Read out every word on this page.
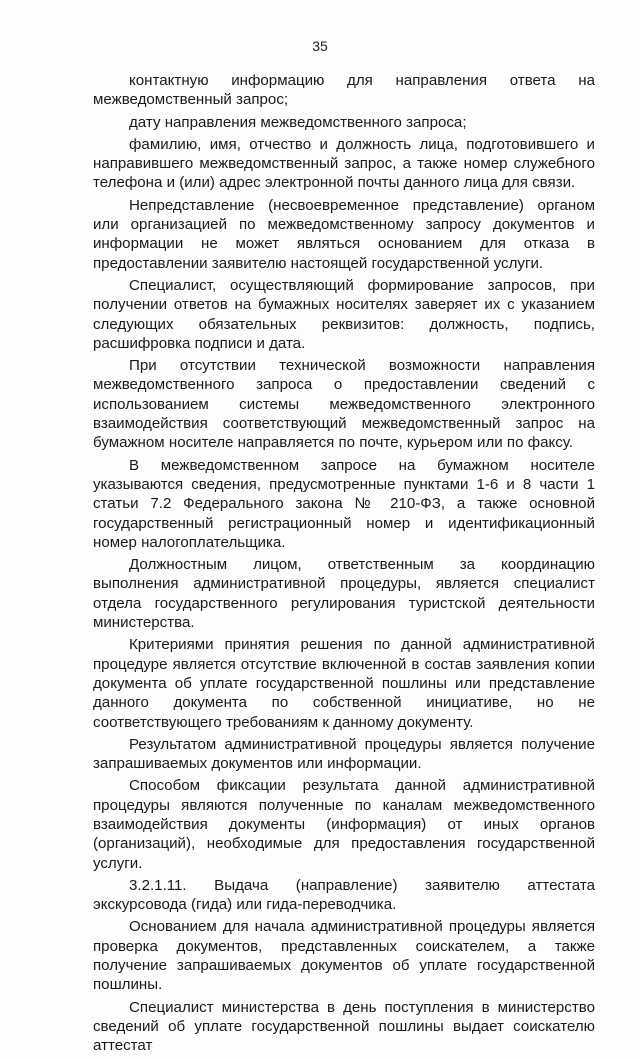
35

контактную информацию для направления ответа на межведомственный запрос;

дату направления межведомственного запроса;

фамилию, имя, отчество и должность лица, подготовившего и направившего межведомственный запрос, а также номер служебного телефона и (или) адрес электронной почты данного лица для связи.

Непредставление (несвоевременное представление) органом или организацией по межведомственному запросу документов и информации не может являться основанием для отказа в предоставлении заявителю настоящей государственной услуги.

Специалист, осуществляющий формирование запросов, при получении ответов на бумажных носителях заверяет их с указанием следующих обязательных реквизитов: должность, подпись, расшифровка подписи и дата.

При отсутствии технической возможности направления межведомственного запроса о предоставлении сведений с использованием системы межведомственного электронного взаимодействия соответствующий межведомственный запрос на бумажном носителе направляется по почте, курьером или по факсу.

В межведомственном запросе на бумажном носителе указываются сведения, предусмотренные пунктами 1-6 и 8 части 1 статьи 7.2 Федерального закона № 210-ФЗ, а также основной государственный регистрационный номер и идентификационный номер налогоплательщика.

Должностным лицом, ответственным за координацию выполнения административной процедуры, является специалист отдела государственного регулирования туристской деятельности министерства.

Критериями принятия решения по данной административной процедуре является отсутствие включенной в состав заявления копии документа об уплате государственной пошлины или представление данного документа по собственной инициативе, но не соответствующего требованиям к данному документу.

Результатом административной процедуры является получение запрашиваемых документов или информации.

Способом фиксации результата данной административной процедуры являются полученные по каналам межведомственного взаимодействия документы (информация) от иных органов (организаций), необходимые для предоставления государственной услуги.

3.2.1.11. Выдача (направление) заявителю аттестата экскурсовода (гида) или гида-переводчика.

Основанием для начала административной процедуры является проверка документов, представленных соискателем, а также получение запрашиваемых документов об уплате государственной пошлины.

Специалист министерства в день поступления в министерство сведений об уплате государственной пошлины выдает соискателю аттестат
